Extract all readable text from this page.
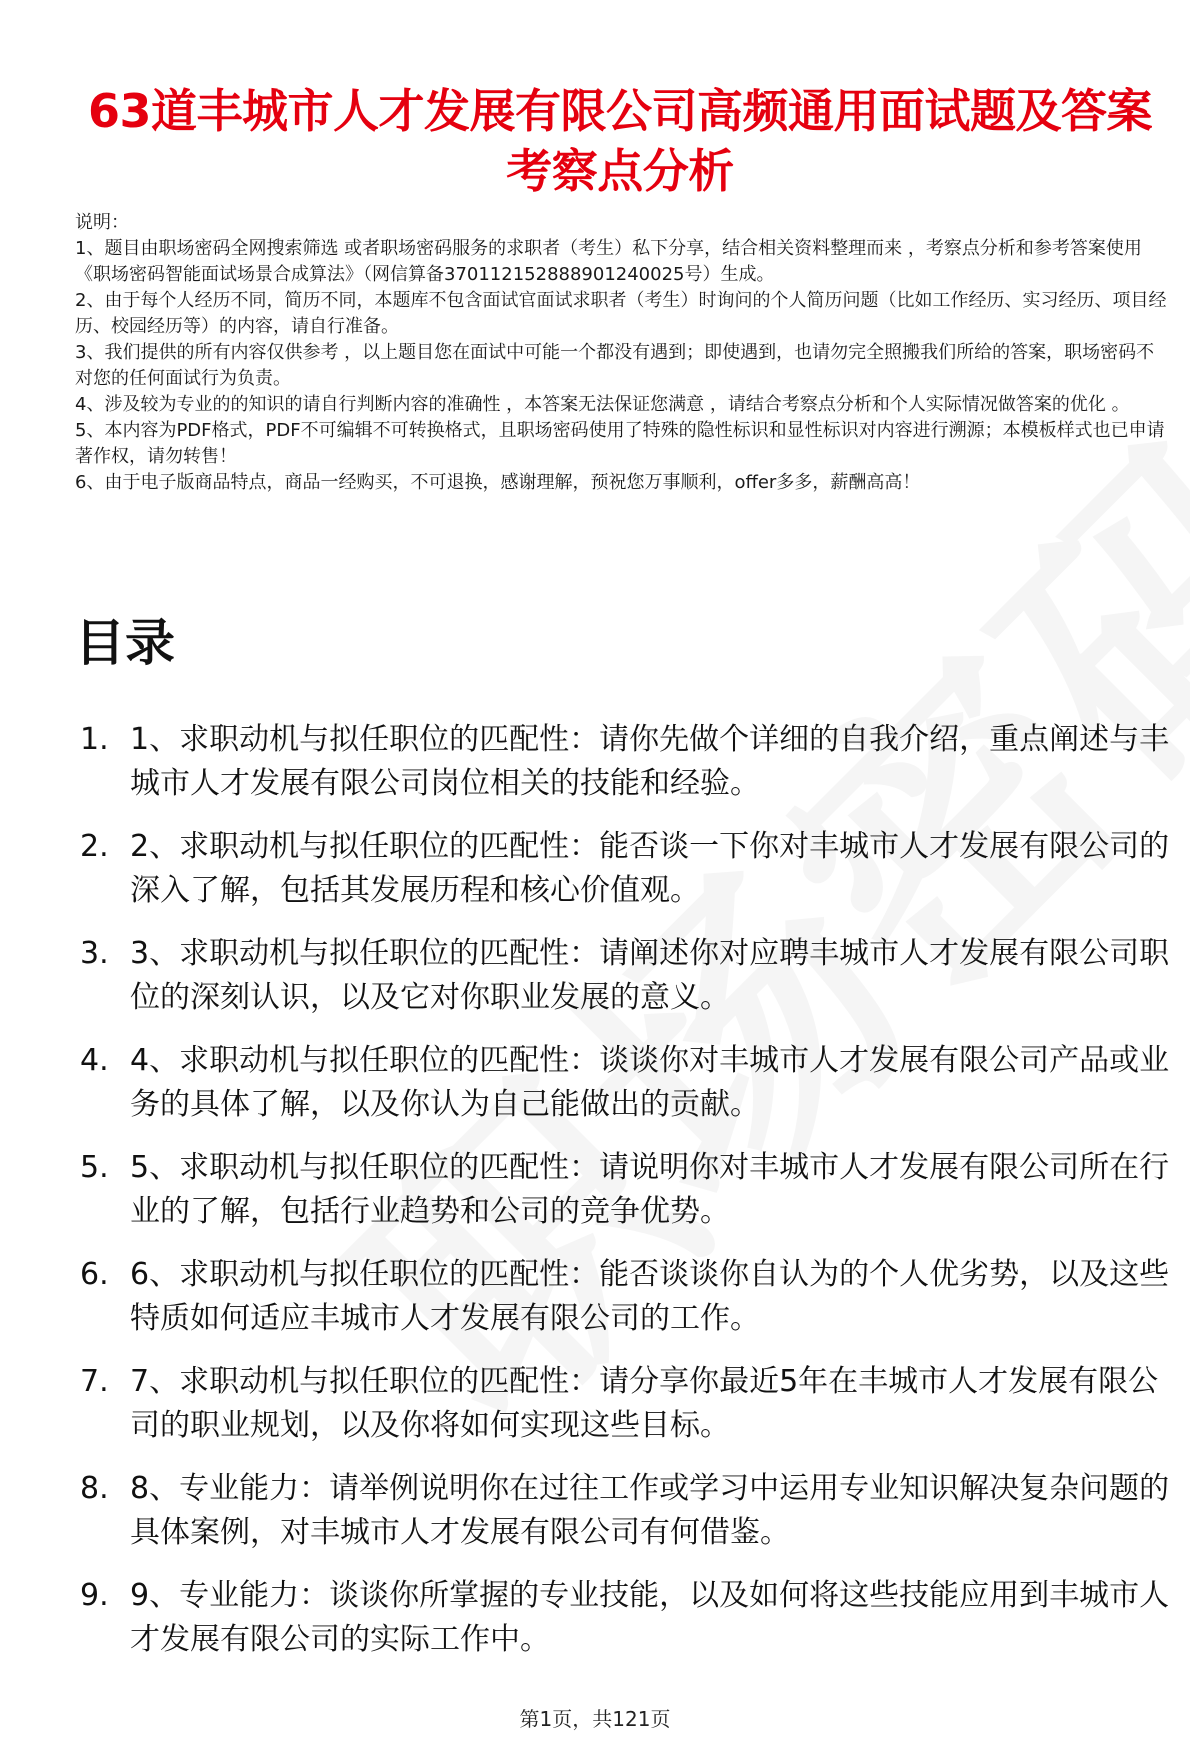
63道丰城市人才发展有限公司高频通用面试题及答案考察点分析

说明：

1、题目由职场密码全网搜索筛选 或者职场密码服务的求职者（考生）私下分享，结合相关资料整理而来 ，考察点分析和参考答案使用《职场密码智能面试场景合成算法》（网信算备370112152888901240025号）生成。

2、由于每个人经历不同，简历不同，本题库不包含面试官面试求职者（考生）时询问的个人简历问题（比如工作经历、实习经历、项目经历、校园经历等）的内容，请自行准备。

3、我们提供的所有内容仅供参考 ，以上题目您在面试中可能一个都没有遇到；即使遇到，也请勿完全照搬我们所给的答案，职场密码不对您的任何面试行为负责。

4、涉及较为专业的的知识的请自行判断内容的准确性 ，本答案无法保证您满意 ，请结合考察点分析和个人实际情况做答案的优化 。

5、本内容为PDF格式，PDF不可编辑不可转换格式，且职场密码使用了特殊的隐性标识和显性标识对内容进行溯源；本模板样式也已申请著作权，请勿转售！

6、由于电子版商品特点，商品一经购买，不可退换，感谢理解，预祝您万事顺利，offer多多，薪酬高高！

目录
1. 1、求职动机与拟任职位的匹配性：请你先做个详细的自我介绍，重点阐述与丰城市人才发展有限公司岗位相关的技能和经验。
2. 2、求职动机与拟任职位的匹配性：能否谈一下你对丰城市人才发展有限公司的深入了解，包括其发展历程和核心价值观。
3. 3、求职动机与拟任职位的匹配性：请阐述你对应聘丰城市人才发展有限公司职位的深刻认识，以及它对你职业发展的意义。
4. 4、求职动机与拟任职位的匹配性：谈谈你对丰城市人才发展有限公司产品或业务的具体了解，以及你认为自己能做出的贡献。
5. 5、求职动机与拟任职位的匹配性：请说明你对丰城市人才发展有限公司所在行业的了解，包括行业趋势和公司的竞争优势。
6. 6、求职动机与拟任职位的匹配性：能否谈谈你自认为的个人优劣势，以及这些特质如何适应丰城市人才发展有限公司的工作。
7. 7、求职动机与拟任职位的匹配性：请分享你最近5年在丰城市人才发展有限公司的职业规划，以及你将如何实现这些目标。
8. 8、专业能力：请举例说明你在过往工作或学习中运用专业知识解决复杂问题的具体案例，对丰城市人才发展有限公司有何借鉴。
9. 9、专业能力：谈谈你所掌握的专业技能，以及如何将这些技能应用到丰城市人才发展有限公司的实际工作中。
第1页，共121页
